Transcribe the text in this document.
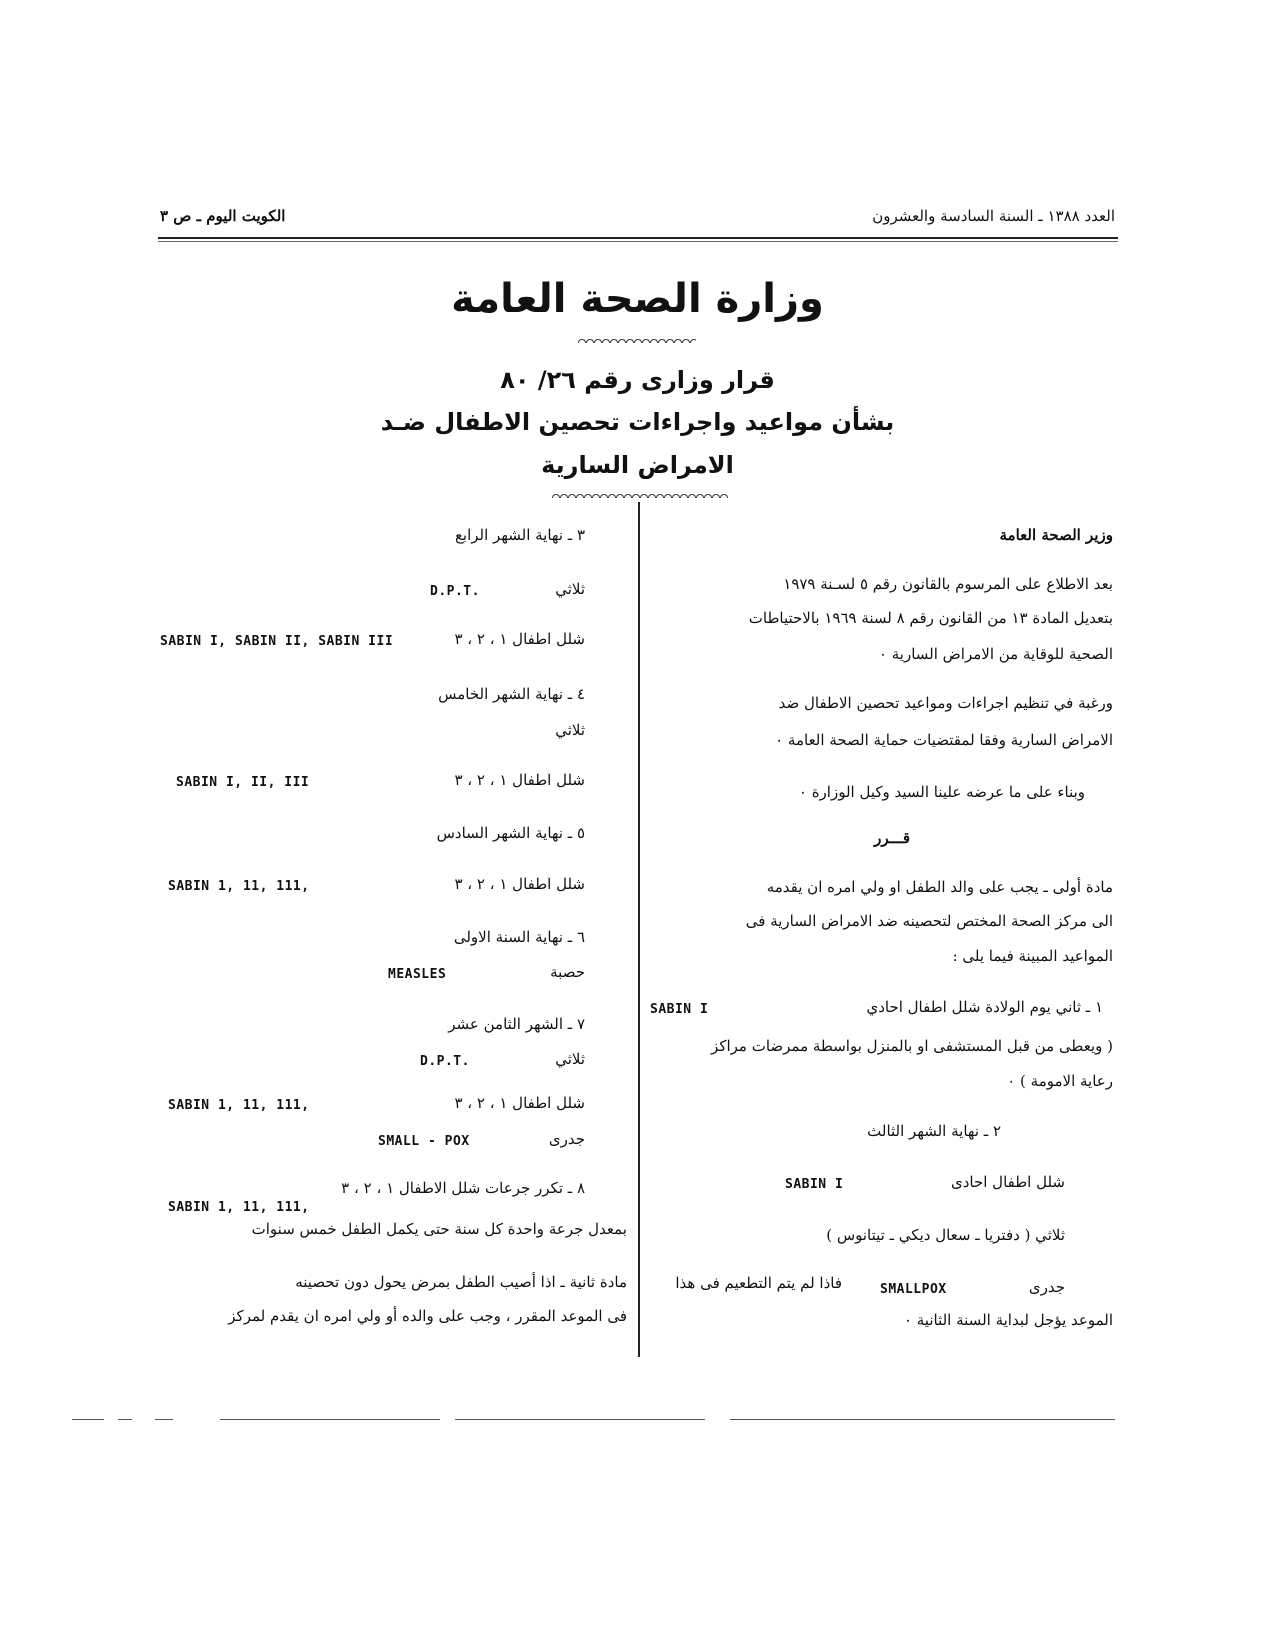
العدد ١٣٨٨ ـ السنة السادسة والعشرون
الكويت اليوم ـ ص ٣
وزارة الصحة العامة
قرار وزارى رقم ٢٦/ ٨٠
بشأن مواعيد واجراءات تحصين الاطفال ضـد
الامراض السارية
وزير الصحة العامة
بعد الاطلاع على المرسوم بالقانون رقم ٥ لسـنة ١٩٧٩
بتعديل المادة ١٣ من القانون رقم ٨ لسنة ١٩٦٩ بالاحتياطات
الصحية للوقاية من الامراض السارية ٠
ورغبة في تنظيم اجراءات ومواعيد تحصين الاطفال ضد
الامراض السارية وفقا لمقتضيات حماية الصحة العامة ٠
وبناء على ما عرضه علينا السيد وكيل الوزارة ٠
قـــرر
مادة أولى ـ يجب على والد الطفل او ولي امره ان يقدمه
الى مركز الصحة المختص لتحصينه ضد الامراض السارية فى
المواعيد المبينة فيما يلى :
١ ـ ثاني يوم الولادة شلل اطفال احادي
SABIN I
( ويعطى من قبل المستشفى او بالمنزل بواسطة ممرضات مراكز
رعاية الامومة ) ٠
٢ ـ نهاية الشهر الثالث
شلل اطفال احادى
SABIN I
ثلاثي ( دفتريا ـ سعال ديكي ـ تيتانوس )
جدرى
SMALLPOX
فاذا لم يتم التطعيم فى هذا
الموعد يؤجل لبداية السنة الثانية ٠
٣ ـ نهاية الشهر الرابع
ثلاثي
D.P.T.
شلل اطفال ١ ، ٢ ، ٣
SABIN I, SABIN II, SABIN III
٤ ـ نهاية الشهر الخامس
ثلاثي
شلل اطفال ١ ، ٢ ، ٣
SABIN I, II, III
٥ ـ نهاية الشهر السادس
شلل اطفال ١ ، ٢ ، ٣
SABIN 1, 11, 111,
٦ ـ نهاية السنة الاولى
حصبة
MEASLES
٧ ـ الشهر الثامن عشر
ثلاثي
D.P.T.
شلل اطفال ١ ، ٢ ، ٣
SABIN 1, 11, 111,
جدرى
SMALL - POX
٨ ـ تكرر جرعات شلل الاطفال ١ ، ٢ ، ٣
SABIN 1, 11, 111,
بمعدل جرعة واحدة كل سنة حتى يكمل الطفل خمس سنوات
مادة ثانية ـ اذا أصيب الطفل بمرض يحول دون تحصينه
فى الموعد المقرر ، وجب على والده أو ولي امره ان يقدم لمركز
